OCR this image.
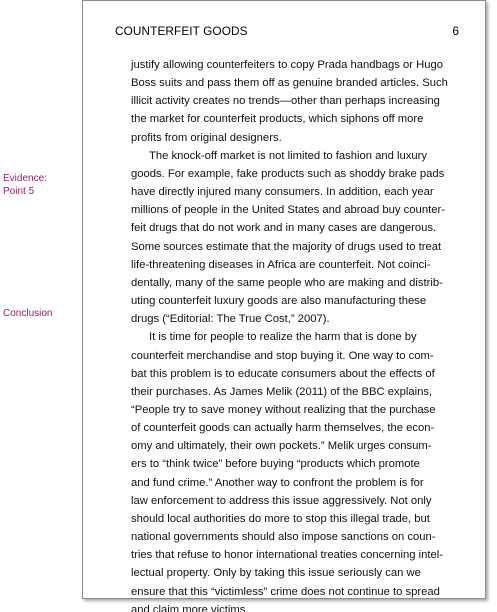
Evidence:
Point 5
Conclusion
COUNTERFEIT GOODS	6

justify allowing counterfeiters to copy Prada handbags or Hugo
Boss suits and pass them off as genuine branded articles. Such
illicit activity creates no trends—other than perhaps increasing
the market for counterfeit products, which siphons off more
profits from original designers.

The knock-off market is not limited to fashion and luxury
goods. For example, fake products such as shoddy brake pads
have directly injured many consumers. In addition, each year
millions of people in the United States and abroad buy counter-
feit drugs that do not work and in many cases are dangerous.
Some sources estimate that the majority of drugs used to treat
life-threatening diseases in Africa are counterfeit. Not coinci-
dentally, many of the same people who are making and distrib-
uting counterfeit luxury goods are also manufacturing these
drugs (“Editorial: The True Cost,” 2007).

It is time for people to realize the harm that is done by
counterfeit merchandise and stop buying it. One way to com-
bat this problem is to educate consumers about the effects of
their purchases. As James Melik (2011) of the BBC explains,
“People try to save money without realizing that the purchase
of counterfeit goods can actually harm themselves, the econ-
omy and ultimately, their own pockets.” Melik urges consum-
ers to “think twice” before buying “products which promote
and fund crime.” Another way to confront the problem is for
law enforcement to address this issue aggressively. Not only
should local authorities do more to stop this illegal trade, but
national governments should also impose sanctions on coun-
tries that refuse to honor international treaties concerning intel-
lectual property. Only by taking this issue seriously can we
ensure that this “victimless” crime does not continue to spread
and claim more victims.
